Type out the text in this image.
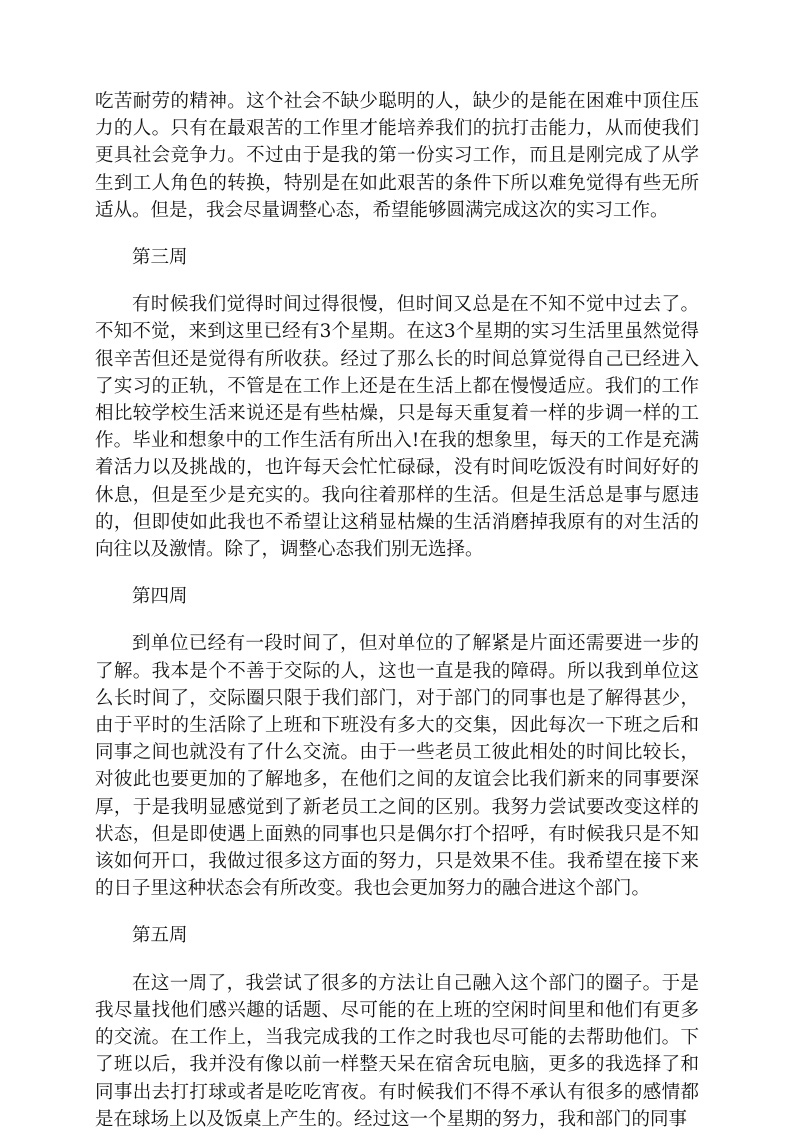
吃苦耐劳的精神。这个社会不缺少聪明的人，缺少的是能在困难中顶住压力的人。只有在最艰苦的工作里才能培养我们的抗打击能力，从而使我们更具社会竞争力。不过由于是我的第一份实习工作，而且是刚完成了从学生到工人角色的转换，特别是在如此艰苦的条件下所以难免觉得有些无所适从。但是，我会尽量调整心态，希望能够圆满完成这次的实习工作。

第三周

有时候我们觉得时间过得很慢，但时间又总是在不知不觉中过去了。不知不觉，来到这里已经有3个星期。在这3个星期的实习生活里虽然觉得很辛苦但还是觉得有所收获。经过了那么长的时间总算觉得自己已经进入了实习的正轨，不管是在工作上还是在生活上都在慢慢适应。我们的工作相比较学校生活来说还是有些枯燥，只是每天重复着一样的步调一样的工作。毕业和想象中的工作生活有所出入!在我的想象里，每天的工作是充满着活力以及挑战的，也许每天会忙忙碌碌，没有时间吃饭没有时间好好的休息，但是至少是充实的。我向往着那样的生活。但是生活总是事与愿违的，但即使如此我也不希望让这稍显枯燥的生活消磨掉我原有的对生活的向往以及激情。除了，调整心态我们别无选择。

第四周

到单位已经有一段时间了，但对单位的了解紧是片面还需要进一步的了解。我本是个不善于交际的人，这也一直是我的障碍。所以我到单位这么长时间了，交际圈只限于我们部门，对于部门的同事也是了解得甚少，由于平时的生活除了上班和下班没有多大的交集，因此每次一下班之后和同事之间也就没有了什么交流。由于一些老员工彼此相处的时间比较长，对彼此也要更加的了解地多，在他们之间的友谊会比我们新来的同事要深厚，于是我明显感觉到了新老员工之间的区别。我努力尝试要改变这样的状态，但是即使遇上面熟的同事也只是偶尔打个招呼，有时候我只是不知该如何开口，我做过很多这方面的努力，只是效果不佳。我希望在接下来的日子里这种状态会有所改变。我也会更加努力的融合进这个部门。

第五周

在这一周了，我尝试了很多的方法让自己融入这个部门的圈子。于是我尽量找他们感兴趣的话题、尽可能的在上班的空闲时间里和他们有更多的交流。在工作上，当我完成我的工作之时我也尽可能的去帮助他们。下了班以后，我并没有像以前一样整天呆在宿舍玩电脑，更多的我选择了和同事出去打打球或者是吃吃宵夜。有时候我们不得不承认有很多的感情都是在球场上以及饭桌上产生的。经过这一个星期的努力，我和部门的同事
